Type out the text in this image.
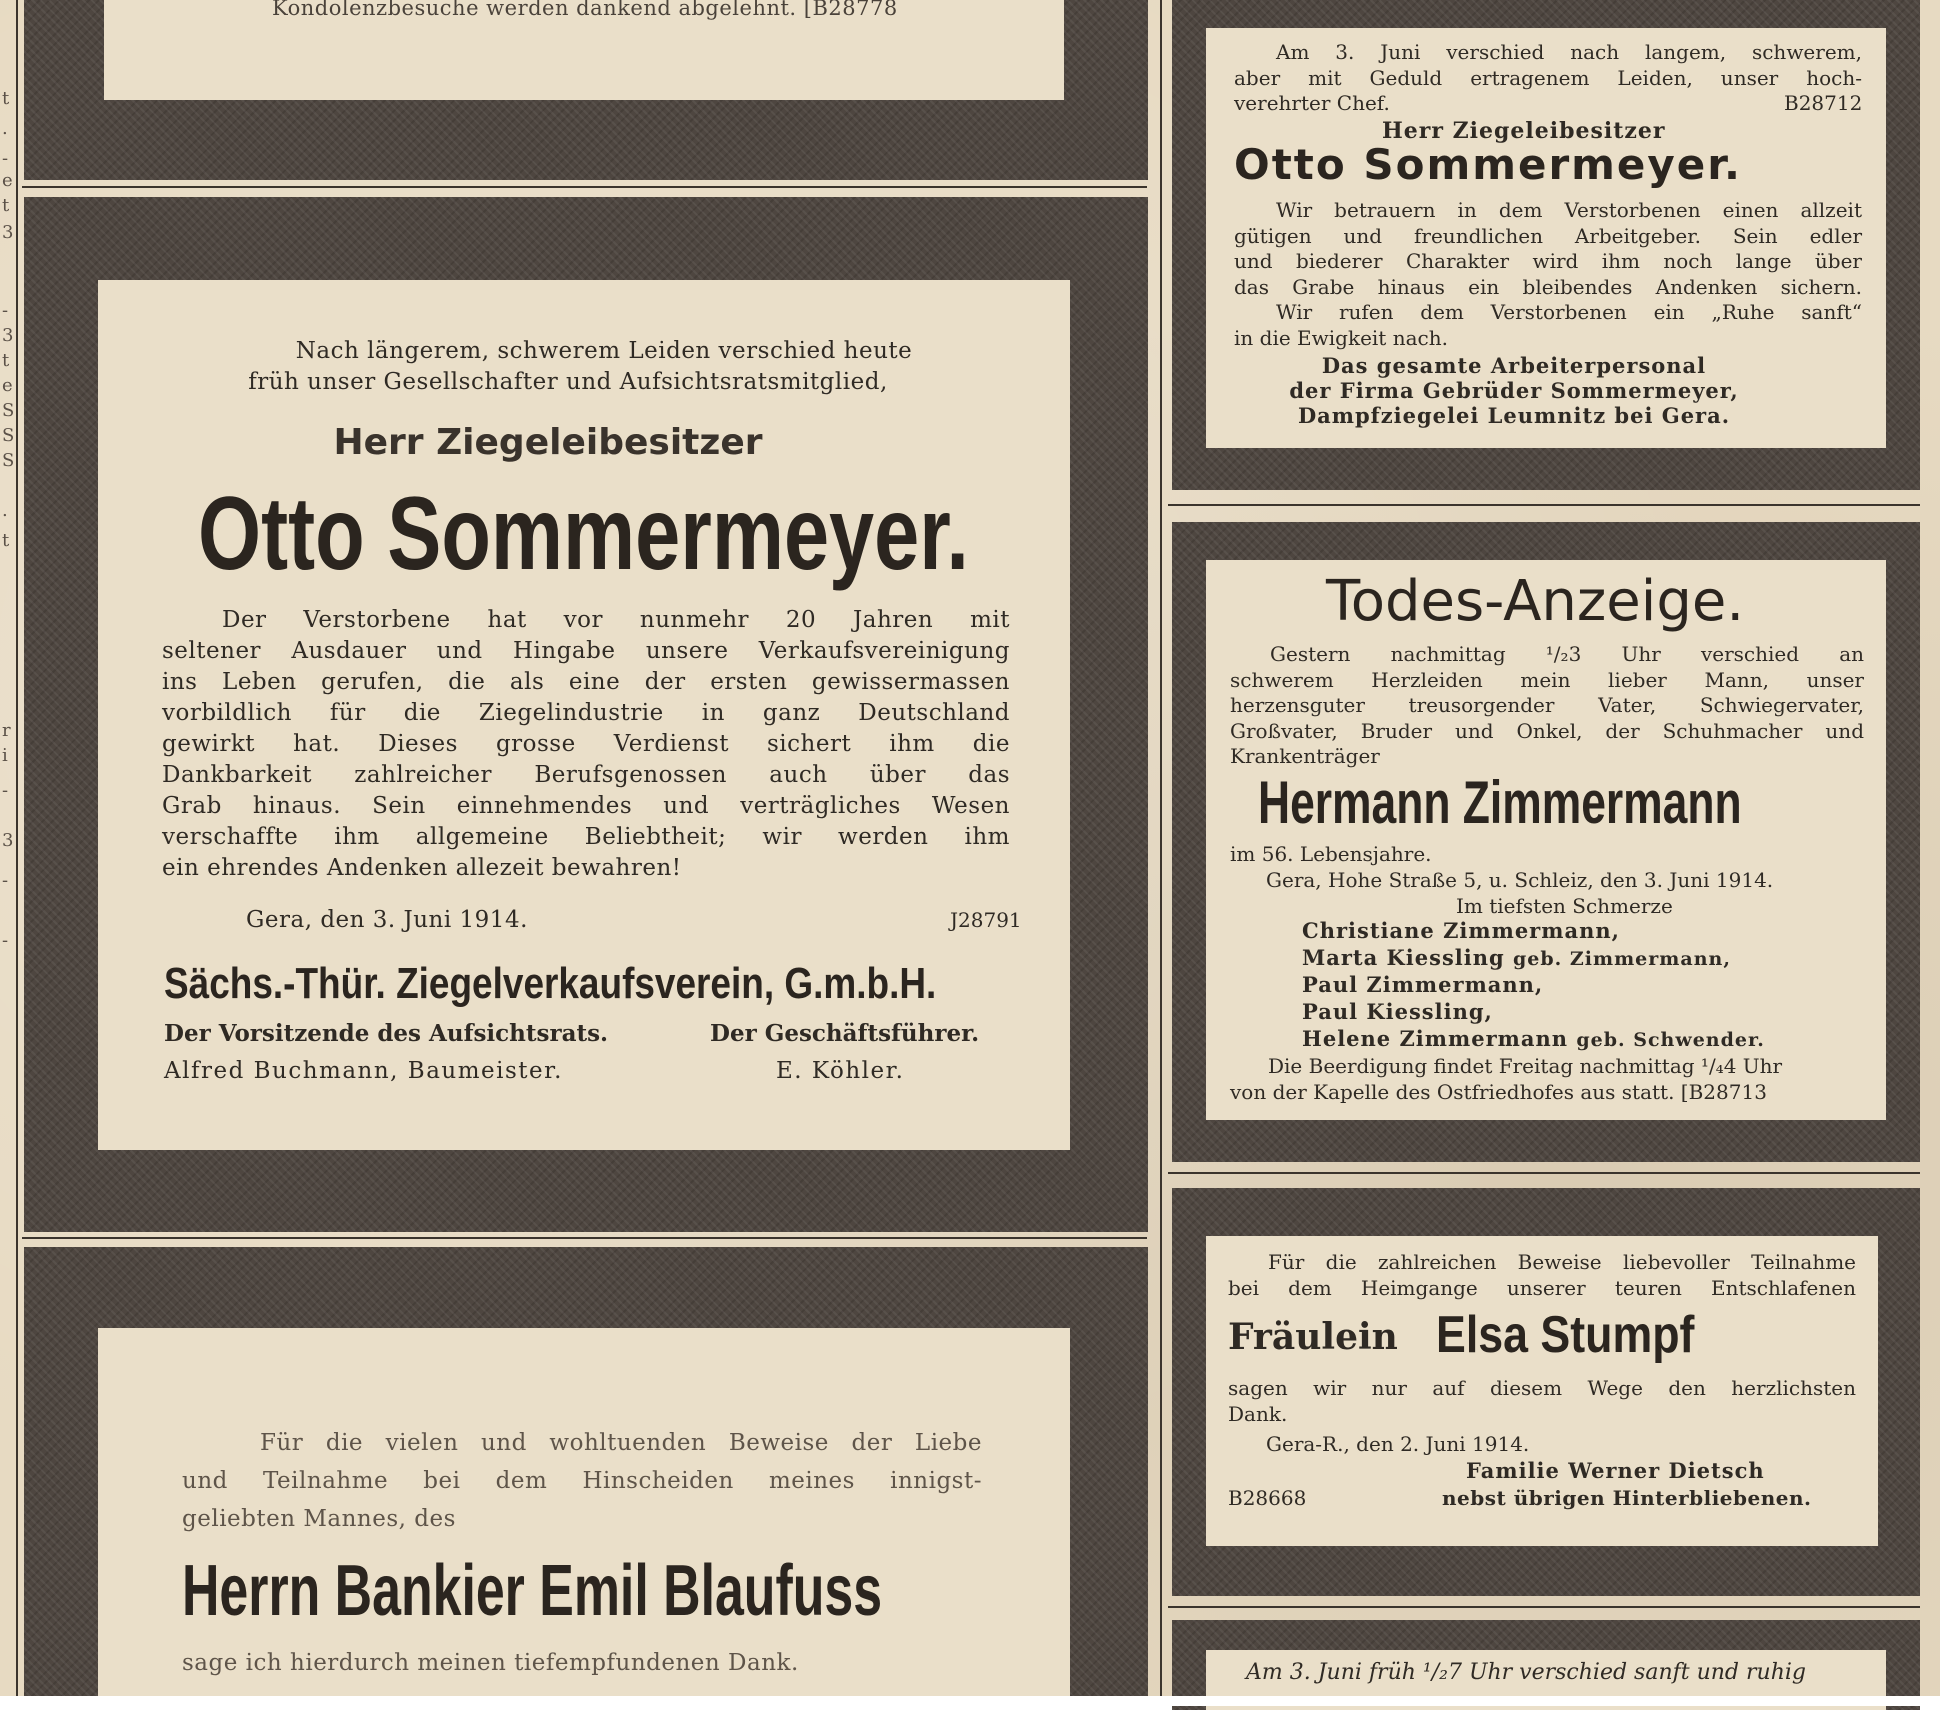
t
.
-
e
t
3
-
3
t
e
S
S
S
.
t
r
i
-
3
-
-

Kondolenzbesuche werden dankend abgelehnt. [B28778

Nach längerem, schwerem Leiden verschied heute
früh unser Gesellschafter und Aufsichtsratsmitglied,

Herr Ziegeleibesitzer

Otto Sommermeyer.
Der Verstorbene hat vor nunmehr 20 Jahren mit
seltener Ausdauer und Hingabe unsere Verkaufsvereinigung
ins Leben gerufen, die als eine der ersten gewissermassen
vorbildlich für die Ziegelindustrie in ganz Deutschland
gewirkt hat. Dieses grosse Verdienst sichert ihm die
Dankbarkeit zahlreicher Berufsgenossen auch über das
Grab hinaus. Sein einnehmendes und verträgliches Wesen
verschaffte ihm allgemeine Beliebtheit; wir werden ihm
ein ehrendes Andenken allezeit bewahren!

Gera, den 3. Juni 1914.	J28791

Sächs.-Thür. Ziegelverkaufsverein, G.m.b.H.

Der Vorsitzende des Aufsichtsrats.	Der Geschäftsführer.

Alfred Buchmann, Baumeister.	E. Köhler.

Für die vielen und wohltuenden Beweise der Liebe
und Teilnahme bei dem Hinscheiden meines innigst-
geliebten Mannes, des
Herrn Bankier Emil Blaufuss

sage ich hierdurch meinen tiefempfundenen Dank.

Am 3. Juni verschied nach langem, schwerem,
aber mit Geduld ertragenem Leiden, unser hoch-
verehrter Chef.	B28712

Herr Ziegeleibesitzer

Otto Sommermeyer.

Wir betrauern in dem Verstorbenen einen allzeit
gütigen und freundlichen Arbeitgeber. Sein edler
und biederer Charakter wird ihm noch lange über
das Grabe hinaus ein bleibendes Andenken sichern.
Wir rufen dem Verstorbenen ein „Ruhe sanft“
in die Ewigkeit nach.
Das gesamte Arbeiterpersonal
der Firma Gebrüder Sommermeyer,
Dampfziegelei Leumnitz bei Gera.

Todes-Anzeige.

Gestern nachmittag ¹/₂3 Uhr verschied an
schwerem Herzleiden mein lieber Mann, unser
herzensguter treusorgender Vater, Schwiegervater,
Großvater, Bruder und Onkel, der Schuhmacher und
Krankenträger
Hermann Zimmermann

im 56. Lebensjahre.

Gera, Hohe Straße 5, u. Schleiz, den 3. Juni 1914.

Im tiefsten Schmerze

Christiane Zimmermann,
Marta Kiessling geb. Zimmermann,
Paul Zimmermann,
Paul Kiessling,
Helene Zimmermann geb. Schwender.

Die Beerdigung findet Freitag nachmittag ¹/₄4 Uhr

von der Kapelle des Ostfriedhofes aus statt. [B28713

Für die zahlreichen Beweise liebevoller Teilnahme
bei dem Heimgange unserer teuren Entschlafenen

Fräulein Elsa Stumpf
sagen wir nur auf diesem Wege den herzlichsten
Dank.

Gera-R., den 2. Juni 1914.

Familie Werner Dietsch

B28668	nebst übrigen Hinterbliebenen.

Am 3. Juni früh ¹/₂7 Uhr verschied sanft und ruhig
